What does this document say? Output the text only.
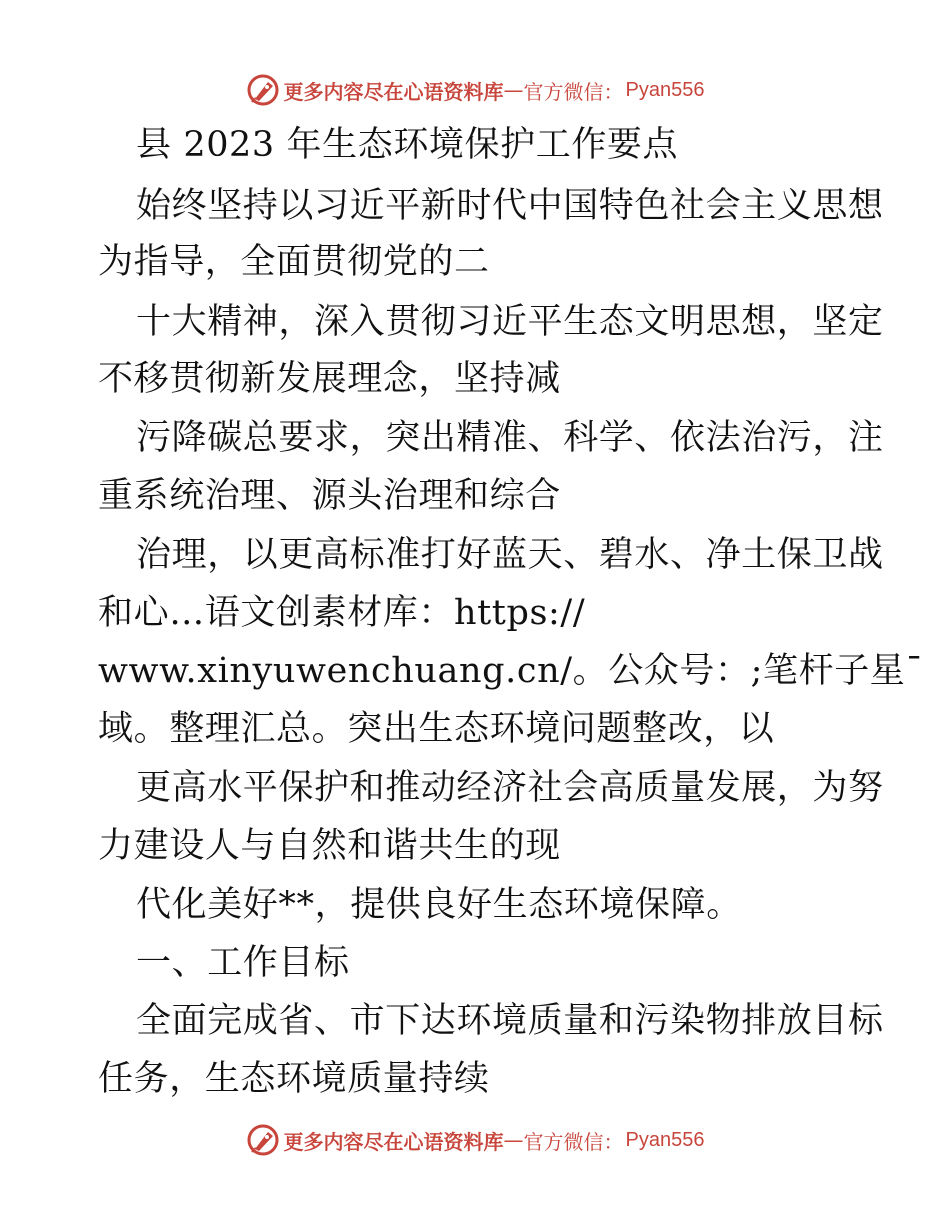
更多内容尽在心语资料库 — 官方微信： Pyan556
县 2023 年生态环境保护工作要点
始终坚持以习近平新时代中国特色社会主义思想
为指导，全面贯彻党的二
十大精神，深入贯彻习近平生态文明思想，坚定
不移贯彻新发展理念，坚持减
污降碳总要求，突出精准、科学、依法治污，注
重系统治理、源头治理和综合
治理，以更高标准打好蓝天、碧水、净土保卫战
和心…语文创素材库：https://
www.xinyuwenchuang.cn/。公众号：;笔杆子星¯
域。整理汇总。突出生态环境问题整改，以
更高水平保护和推动经济社会高质量发展，为努
力建设人与自然和谐共生的现
代化美好**，提供良好生态环境保障。
一、工作目标
全面完成省、市下达环境质量和污染物排放目标
任务，生态环境质量持续
更多内容尽在心语资料库 — 官方微信： Pyan556
